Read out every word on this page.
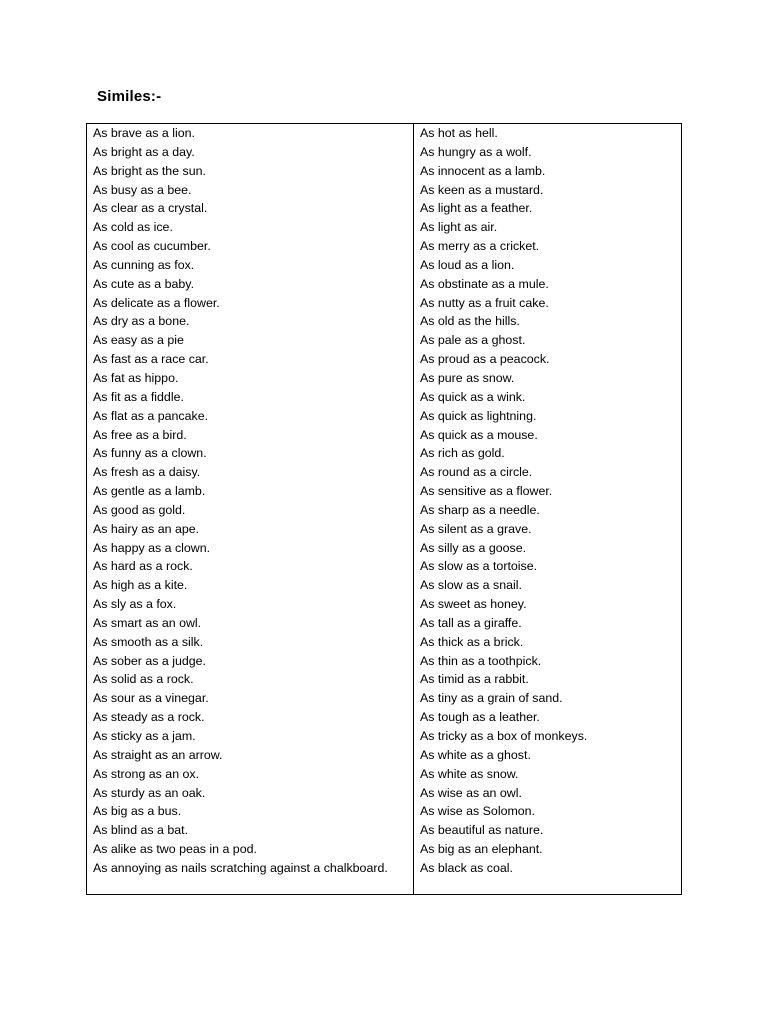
Similes:-
As brave as a lion.
As bright as a day.
As bright as the sun.
As busy as a bee.
As clear as a crystal.
As cold as ice.
As cool as cucumber.
As cunning as fox.
As cute as a baby.
As delicate as a flower.
As dry as a bone.
As easy as a pie
As fast as a race car.
As fat as hippo.
As fit as a fiddle.
As flat as a pancake.
As free as a bird.
As funny as a clown.
As fresh as a daisy.
As gentle as a lamb.
As good as gold.
As hairy as an ape.
As happy as a clown.
As hard as a rock.
As high as a kite.
As sly as a fox.
As smart as an owl.
As smooth as a silk.
As sober as a judge.
As solid as a rock.
As sour as a vinegar.
As steady as a rock.
As sticky as a jam.
As straight as an arrow.
As strong as an ox.
As sturdy as an oak.
As big as a bus.
As blind as a bat.
As alike as two peas in a pod.
As annoying as nails scratching against a chalkboard.
As hot as hell.
As hungry as a wolf.
As innocent as a lamb.
As keen as a mustard.
As light as a feather.
As light as air.
As merry as a cricket.
As loud as a lion.
As obstinate as a mule.
As nutty as a fruit cake.
As old as the hills.
As pale as a ghost.
As proud as a peacock.
As pure as snow.
As quick as a wink.
As quick as lightning.
As quick as a mouse.
As rich as gold.
As round as a circle.
As sensitive as a flower.
As sharp as a needle.
As silent as a grave.
As silly as a goose.
As slow as a tortoise.
As slow as a snail.
As sweet as honey.
As tall as a giraffe.
As thick as a brick.
As thin as a toothpick.
As timid as a rabbit.
As tiny as a grain of sand.
As tough as a leather.
As tricky as a box of monkeys.
As white as a ghost.
As white as snow.
As wise as an owl.
As wise as Solomon.
As beautiful as nature.
As big as an elephant.
As black as coal.
